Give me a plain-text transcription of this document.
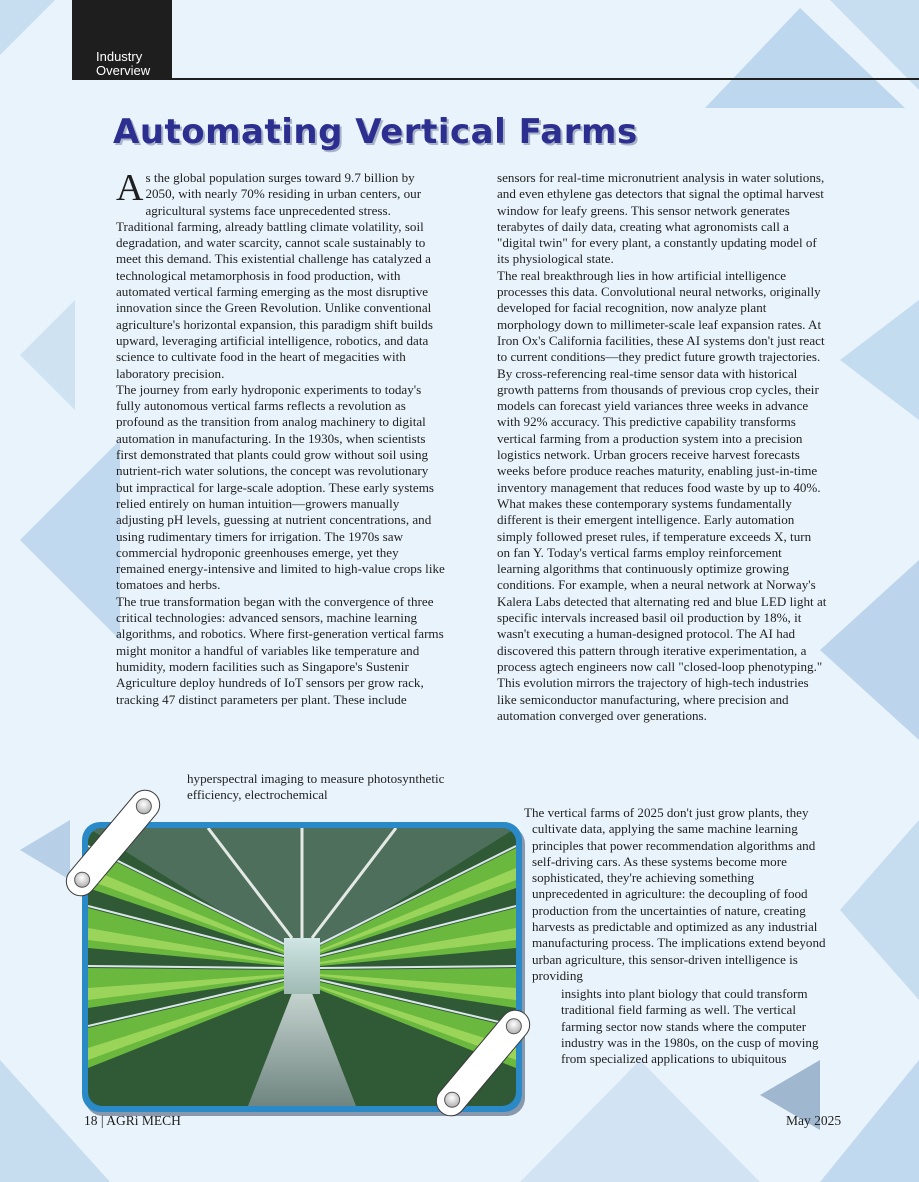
Industry
Overview
Automating Vertical Farms

As the global population surges toward 9.7 billion by 2050, with nearly 70% residing in urban centers, our agricultural systems face unprecedented stress. Traditional farming, already battling climate volatility, soil degradation, and water scarcity, cannot scale sustainably to meet this demand. This existential challenge has catalyzed a technological metamorphosis in food production, with automated vertical farming emerging as the most disruptive innovation since the Green Revolution. Unlike conventional agriculture's horizontal expansion, this paradigm shift builds upward, leveraging artificial intelligence, robotics, and data science to cultivate food in the heart of megacities with laboratory precision.

The journey from early hydroponic experiments to today's fully autonomous vertical farms reflects a revolution as profound as the transition from analog machinery to digital automation in manufacturing. In the 1930s, when scientists first demonstrated that plants could grow without soil using nutrient-rich water solutions, the concept was revolutionary but impractical for large-scale adoption. These early systems relied entirely on human intuition—growers manually adjusting pH levels, guessing at nutrient concentrations, and using rudimentary timers for irrigation. The 1970s saw commercial hydroponic greenhouses emerge, yet they remained energy-intensive and limited to high-value crops like tomatoes and herbs.

The true transformation began with the convergence of three critical technologies: advanced sensors, machine learning algorithms, and robotics. Where first-generation vertical farms might monitor a handful of variables like temperature and humidity, modern facilities such as Singapore's Sustenir Agriculture deploy hundreds of IoT sensors per grow rack, tracking 47 distinct parameters per plant. These include

hyperspectral imaging to measure photosynthetic efficiency, electrochemical

sensors for real-time micronutrient analysis in water solutions, and even ethylene gas detectors that signal the optimal harvest window for leafy greens. This sensor network generates terabytes of daily data, creating what agronomists call a "digital twin" for every plant, a constantly updating model of its physiological state.

The real breakthrough lies in how artificial intelligence processes this data. Convolutional neural networks, originally developed for facial recognition, now analyze plant morphology down to millimeter-scale leaf expansion rates. At Iron Ox's California facilities, these AI systems don't just react to current conditions—they predict future growth trajectories. By cross-referencing real-time sensor data with historical growth patterns from thousands of previous crop cycles, their models can forecast yield variances three weeks in advance with 92% accuracy. This predictive capability transforms vertical farming from a production system into a precision logistics network. Urban grocers receive harvest forecasts weeks before produce reaches maturity, enabling just-in-time inventory management that reduces food waste by up to 40%.

What makes these contemporary systems fundamentally different is their emergent intelligence. Early automation simply followed preset rules, if temperature exceeds X, turn on fan Y. Today's vertical farms employ reinforcement learning algorithms that continuously optimize growing conditions. For example, when a neural network at Norway's Kalera Labs detected that alternating red and blue LED light at specific intervals increased basil oil production by 18%, it wasn't executing a human-designed protocol. The AI had discovered this pattern through iterative experimentation, a process agtech engineers now call "closed-loop phenotyping."

This evolution mirrors the trajectory of high-tech industries like semiconductor manufacturing, where precision and automation converged over generations.

The vertical farms of 2025 don't just grow plants, they cultivate data, applying the same machine learning principles that power recommendation algorithms and self-driving cars. As these systems become more sophisticated, they're achieving something unprecedented in agriculture: the decoupling of food production from the uncertainties of nature, creating harvests as predictable and optimized as any industrial manufacturing process. The implications extend beyond urban agriculture, this sensor-driven intelligence is providing
insights into plant biology that could transform traditional field farming as well. The vertical farming sector now stands where the computer industry was in the 1980s, on the cusp of moving from specialized applications to ubiquitous
18 | AGRi MECH	May 2025
